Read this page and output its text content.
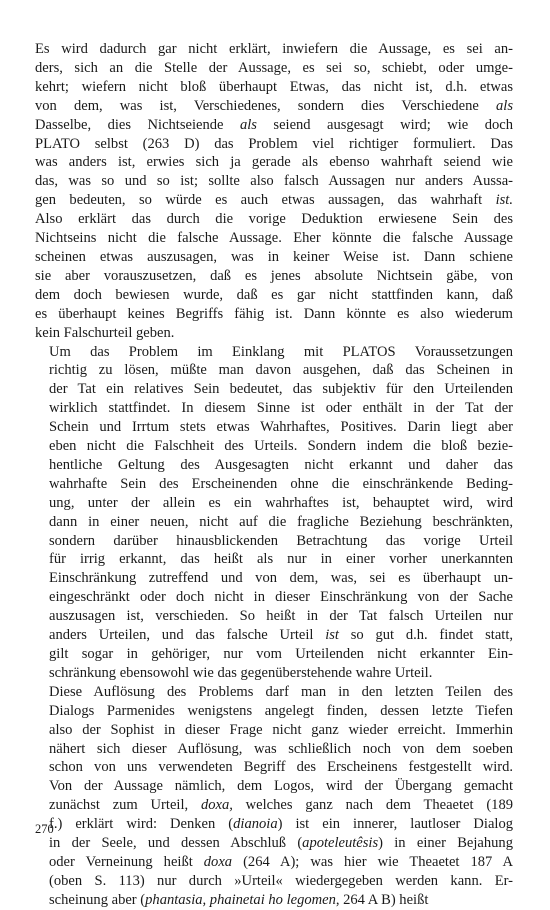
Es wird dadurch gar nicht erklärt, inwiefern die Aussage, es sei an-
ders, sich an die Stelle der Aussage, es sei so, schiebt, oder umge-
kehrt; wiefern nicht bloß überhaupt Etwas, das nicht ist, d.h. etwas
von dem, was ist, Verschiedenes, sondern dies Verschiedene als
Dasselbe, dies Nichtseiende als seiend ausgesagt wird; wie doch
PLATO selbst (263 D) das Problem viel richtiger formuliert. Das
was anders ist, erwies sich ja gerade als ebenso wahrhaft seiend wie
das, was so und so ist; sollte also falsch Aussagen nur anders Aussa-
gen bedeuten, so würde es auch etwas aussagen, das wahrhaft ist.
Also erklärt das durch die vorige Deduktion erwiesene Sein des
Nichtseins nicht die falsche Aussage. Eher könnte die falsche Aussage
scheinen etwas auszusagen, was in keiner Weise ist. Dann schiene
sie aber vorauszusetzen, daß es jenes absolute Nichtsein gäbe, von
dem doch bewiesen wurde, daß es gar nicht stattfinden kann, daß
es überhaupt keines Begriffs fähig ist. Dann könnte es also wiederum
kein Falschurteil geben.

Um das Problem im Einklang mit PLATOS Voraussetzungen
richtig zu lösen, müßte man davon ausgehen, daß das Scheinen in
der Tat ein relatives Sein bedeutet, das subjektiv für den Urteilenden
wirklich stattfindet. In diesem Sinne ist oder enthält in der Tat der
Schein und Irrtum stets etwas Wahrhaftes, Positives. Darin liegt aber
eben nicht die Falschheit des Urteils. Sondern indem die bloß bezie-
hentliche Geltung des Ausgesagten nicht erkannt und daher das
wahrhafte Sein des Erscheinenden ohne die einschränkende Beding-
ung, unter der allein es ein wahrhaftes ist, behauptet wird, wird
dann in einer neuen, nicht auf die fragliche Beziehung beschränkten,
sondern darüber hinausblickenden Betrachtung das vorige Urteil
für irrig erkannt, das heißt als nur in einer vorher unerkannten
Einschränkung zutreffend und von dem, was, sei es überhaupt un-
eingeschränkt oder doch nicht in dieser Einschränkung von der Sache
auszusagen ist, verschieden. So heißt in der Tat falsch Urteilen nur
anders Urteilen, und das falsche Urteil ist so gut d.h. findet statt,
gilt sogar in gehöriger, nur vom Urteilenden nicht erkannter Ein-
schränkung ebensowohl wie das gegenüberstehende wahre Urteil.

Diese Auflösung des Problems darf man in den letzten Teilen des
Dialogs Parmenides wenigstens angelegt finden, dessen letzte Tiefen
also der Sophist in dieser Frage nicht ganz wieder erreicht. Immerhin
nähert sich dieser Auflösung, was schließlich noch von dem soeben
schon von uns verwendeten Begriff des Erscheinens festgestellt wird.
Von der Aussage nämlich, dem Logos, wird der Übergang gemacht
zunächst zum Urteil, doxa, welches ganz nach dem Theaetet (189
f.) erklärt wird: Denken (dianoia) ist ein innerer, lautloser Dialog
in der Seele, und dessen Abschluß (apoteleutêsis) in einer Bejahung
oder Verneinung heißt doxa (264 A); was hier wie Theaetet 187 A
(oben S. 113) nur durch »Urteil« wiedergegeben werden kann. Er-
scheinung aber (phantasia, phainetai ho legomen, 264 A B) heißt

270
